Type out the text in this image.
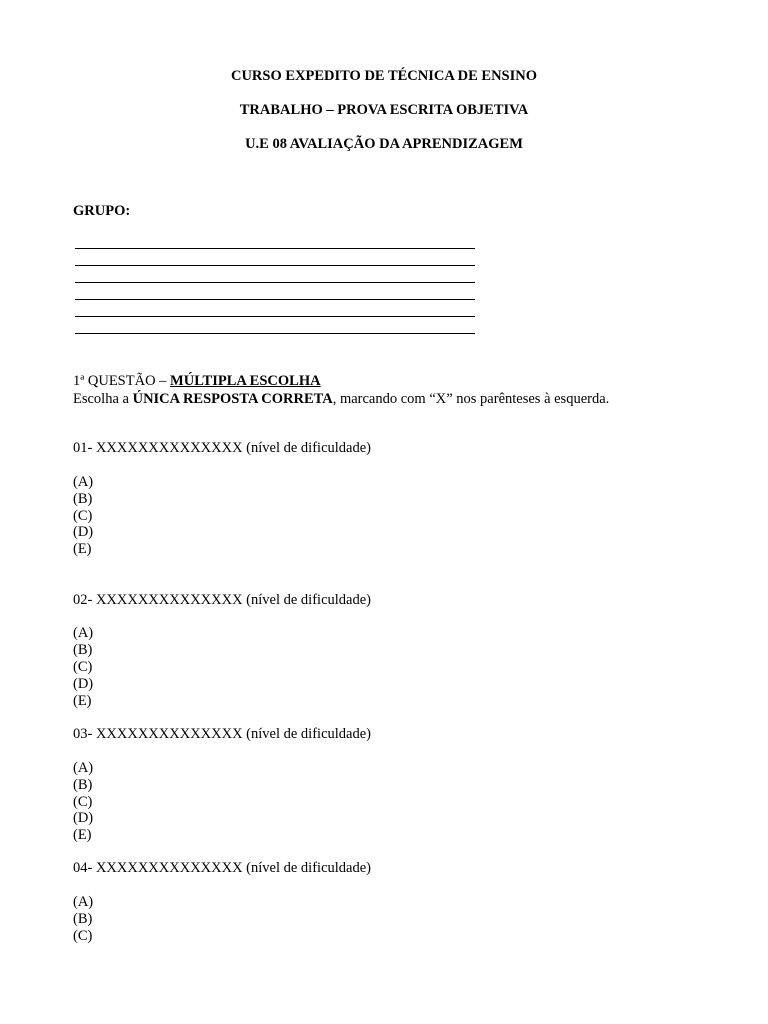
CURSO EXPEDITO DE TÉCNICA DE ENSINO
TRABALHO – PROVA ESCRITA OBJETIVA
U.E 08 AVALIAÇÃO DA APRENDIZAGEM
GRUPO:
1ª QUESTÃO – MÚLTIPLA ESCOLHA
Escolha a ÚNICA RESPOSTA CORRETA, marcando com “X” nos parênteses à esquerda.
01- XXXXXXXXXXXXXX (nível de dificuldade)
(A)
(B)
(C)
(D)
(E)
02- XXXXXXXXXXXXXX (nível de dificuldade)
(A)
(B)
(C)
(D)
(E)
03- XXXXXXXXXXXXXX (nível de dificuldade)
(A)
(B)
(C)
(D)
(E)
04- XXXXXXXXXXXXXX (nível de dificuldade)
(A)
(B)
(C)
